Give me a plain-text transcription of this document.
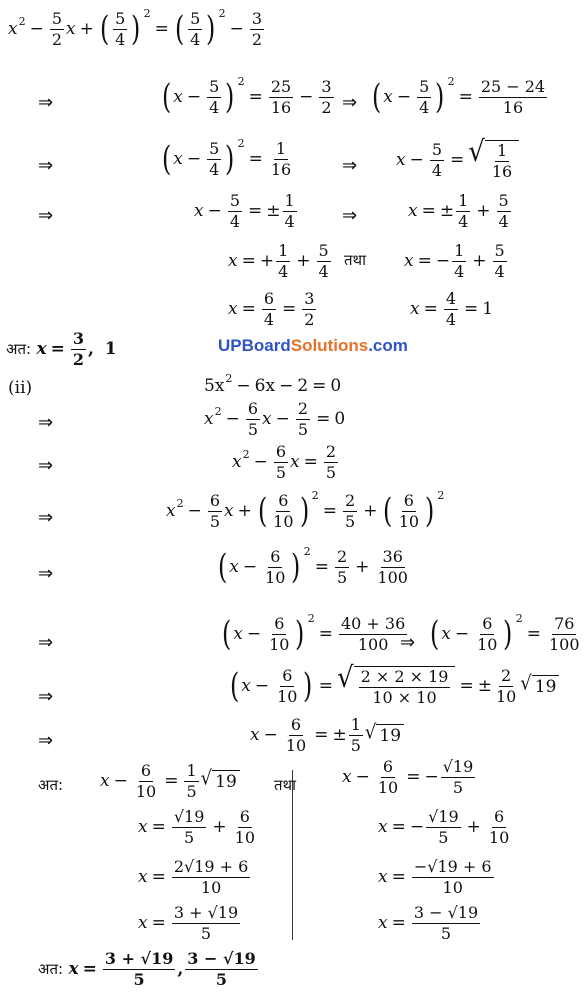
x $2 - \frac{5}{2}$ x + ( $\frac{5}{4}$ ) 2
= ( $\frac{5}{4}$ ) 2
− $\frac{3}{2}$
⇒	( $x - \frac{5}{4}$ ) 2
= $\frac{25}{16} - \frac{3}{2}$ ⇒ ( $x - \frac{5}{4}$ ) 2
= $\frac{25 - 24}{16}$
⇒	( $x - \frac{5}{4}$ ) 2
= $\frac{1}{16}$	⇒ $x - \frac{5}{4}$ = √ $\frac{1}{16}$
⇒	$x - \frac{5}{4}$ = ± $\frac{1}{4}$	⇒	x = ± $\frac{1}{4} + \frac{5}{4}$
x = + $\frac{1}{4} + \frac{5}{4}$ तथा x = − $\frac{1}{4} + \frac{5}{4}$
$x = \frac{6}{4} = \frac{3}{2}$	$x = \frac{4}{4} = 1$
अत:
$x = \frac{3}{2}$ ,
1	UPBoardSolutions.com
(ii)	5x 2 − 6x − 2 = 0
⇒	x $2 - \frac{6}{5}$ $x - \frac{2}{5} = 0$
⇒	x $2 - \frac{6}{5}$ $x = \frac{2}{5}$
⇒	x $2 - \frac{6}{5}$ x + ( $\frac{6}{10}$ ) 2
= $\frac{2}{5}$ + ( $\frac{6}{10}$ ) 2
⇒	( $x - \frac{6}{10}$ ) 2
= $\frac{2}{5} + \frac{36}{100}$
⇒	( $x - \frac{6}{10}$ ) 2
= $\frac{40 + 36}{100}$
⇒ ( $x - \frac{6}{10}$ ) 2
= $\frac{76}{100}$
⇒	( $x - \frac{6}{10}$ ) = √ $\frac{2 \times 2 \times 19}{10 \times 10}$ = ± $\frac{2}{10}$ √ 19
⇒	$x - \frac{6}{10}$ = ± $\frac{1}{5}$ √ 19
अत: $x - \frac{6}{10} = \frac{1}{5}$ √ 19 तथा	$x - \frac{6}{10}$ = − $\frac{√19}{5}$
$x = \frac{√19}{5} + \frac{6}{10}$	x = − $\frac{√19}{5} + \frac{6}{10}$
$x = \frac{2√19 + 6}{10}$	$x = \frac{-√19 + 6}{10}$
$x = \frac{3 + √19}{5}$	$x = \frac{3 - √19}{5}$
अत:
$x = \frac{3 + √19}{5}$ , $\frac{3 - √19}{5}$
